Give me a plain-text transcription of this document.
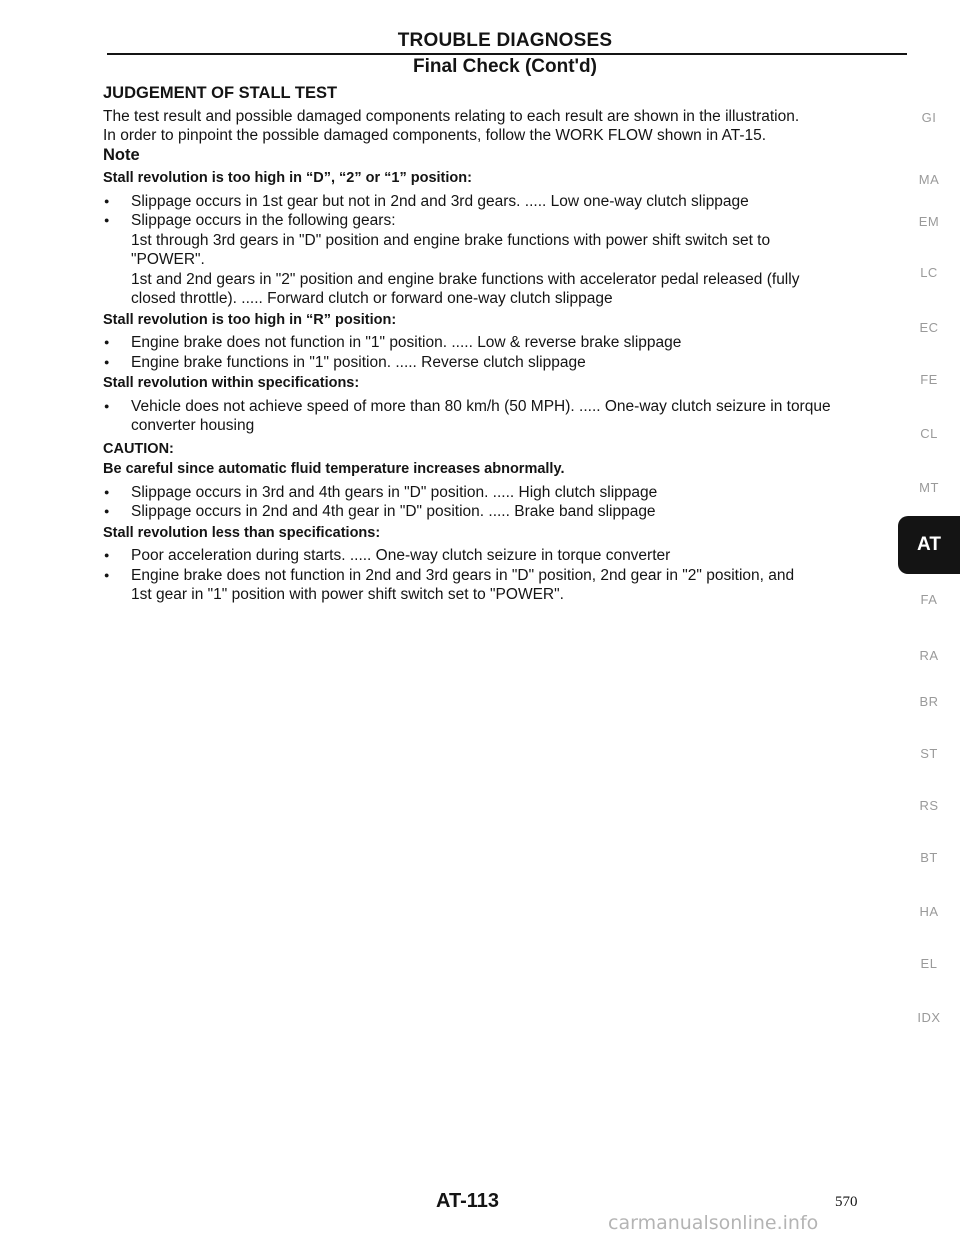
TROUBLE DIAGNOSES
Final Check (Cont'd)
JUDGEMENT OF STALL TEST

The test result and possible damaged components relating to each result are shown in the illustration.

In order to pinpoint the possible damaged components, follow the WORK FLOW shown in AT-15.

Note
Stall revolution is too high in “D”, “2” or “1” position:
● Slippage occurs in 1st gear but not in 2nd and 3rd gears. ..... Low one-way clutch slippage
● Slippage occurs in the following gears:
1st through 3rd gears in "D" position and engine brake functions with power shift switch set to
"POWER".
1st and 2nd gears in "2" position and engine brake functions with accelerator pedal released (fully
closed throttle). ..... Forward clutch or forward one-way clutch slippage
Stall revolution is too high in “R” position:
● Engine brake does not function in "1" position. ..... Low & reverse brake slippage
● Engine brake functions in "1" position. ..... Reverse clutch slippage
Stall revolution within specifications:
● Vehicle does not achieve speed of more than 80 km/h (50 MPH). ..... One-way clutch seizure in torque
converter housing
CAUTION:
Be careful since automatic fluid temperature increases abnormally.
● Slippage occurs in 3rd and 4th gears in "D" position. ..... High clutch slippage
● Slippage occurs in 2nd and 4th gear in "D" position. ..... Brake band slippage
Stall revolution less than specifications:
● Poor acceleration during starts. ..... One-way clutch seizure in torque converter
● Engine brake does not function in 2nd and 3rd gears in "D" position, 2nd gear in "2" position, and
1st gear in "1" position with power shift switch set to "POWER".
GI
MA
EM
LC
EC
FE
CL
MT
FA
RA
BR
ST
RS
BT
HA
EL
IDX
AT
AT-113	570
carmanualsonline.info
